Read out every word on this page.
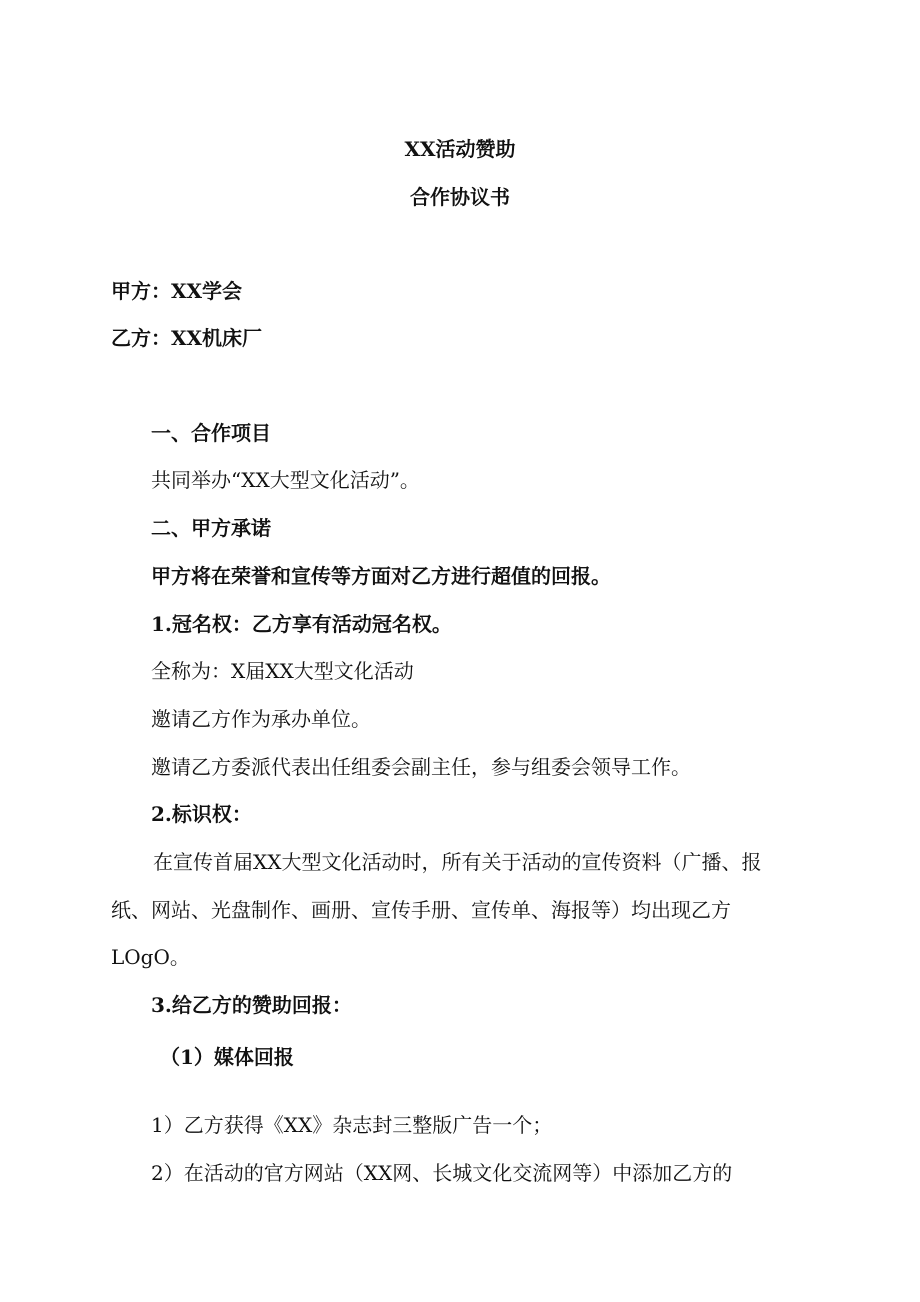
XX活动赞助
合作协议书
甲方：XX学会
乙方：XX机床厂
一、合作项目
共同举办“XX大型文化活动”。
二、甲方承诺
甲方将在荣誉和宣传等方面对乙方进行超值的回报。
1.冠名权：乙方享有活动冠名权。
全称为：X届XX大型文化活动
邀请乙方作为承办单位。
邀请乙方委派代表出任组委会副主任，参与组委会领导工作。
2.标识权：
在宣传首届XX大型文化活动时，所有关于活动的宣传资料（广播、报
纸、网站、光盘制作、画册、宣传手册、宣传单、海报等）均出现乙方
LOgO。
3.给乙方的赞助回报：
（1）媒体回报
1）乙方获得《XX》杂志封三整版广告一个；
2）在活动的官方网站（XX网、长城文化交流网等）中添加乙方的
